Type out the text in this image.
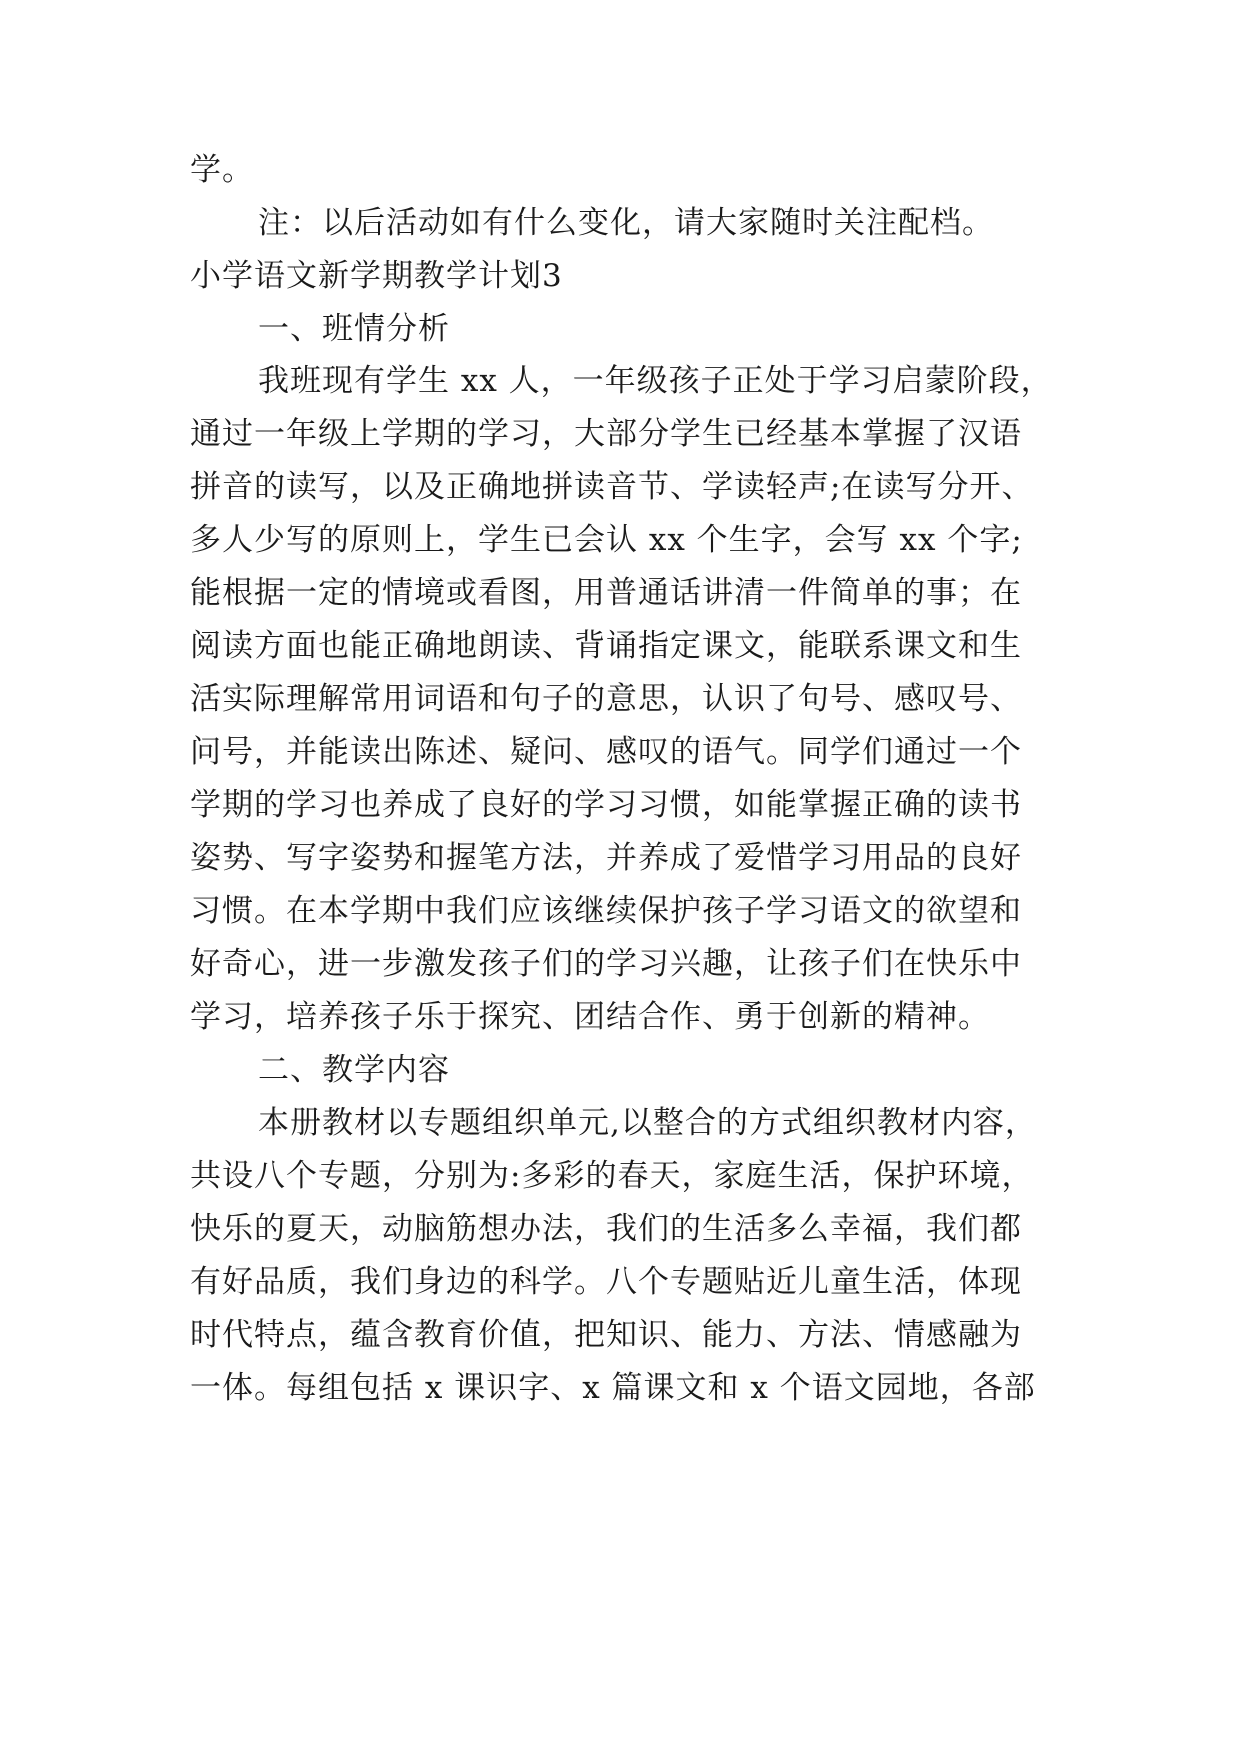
学。
注：以后活动如有什么变化，请大家随时关注配档。
小学语文新学期教学计划3
一、班情分析
我班现有学生 xx 人，一年级孩子正处于学习启蒙阶段，
通过一年级上学期的学习，大部分学生已经基本掌握了汉语
拼音的读写，以及正确地拼读音节、学读轻声;在读写分开、
多人少写的原则上，学生已会认 xx 个生字，会写 xx 个字;
能根据一定的情境或看图，用普通话讲清一件简单的事；在
阅读方面也能正确地朗读、背诵指定课文，能联系课文和生
活实际理解常用词语和句子的意思，认识了句号、感叹号、
问号，并能读出陈述、疑问、感叹的语气。同学们通过一个
学期的学习也养成了良好的学习习惯，如能掌握正确的读书
姿势、写字姿势和握笔方法，并养成了爱惜学习用品的良好
习惯。在本学期中我们应该继续保护孩子学习语文的欲望和
好奇心，进一步激发孩子们的学习兴趣，让孩子们在快乐中
学习，培养孩子乐于探究、团结合作、勇于创新的精神。
二、教学内容
本册教材以专题组织单元,以整合的方式组织教材内容，
共设八个专题，分别为:多彩的春天，家庭生活，保护环境，
快乐的夏天，动脑筋想办法，我们的生活多么幸福，我们都
有好品质，我们身边的科学。八个专题贴近儿童生活，体现
时代特点，蕴含教育价值，把知识、能力、方法、情感融为
一体。每组包括 x 课识字、x 篇课文和 x 个语文园地，各部
